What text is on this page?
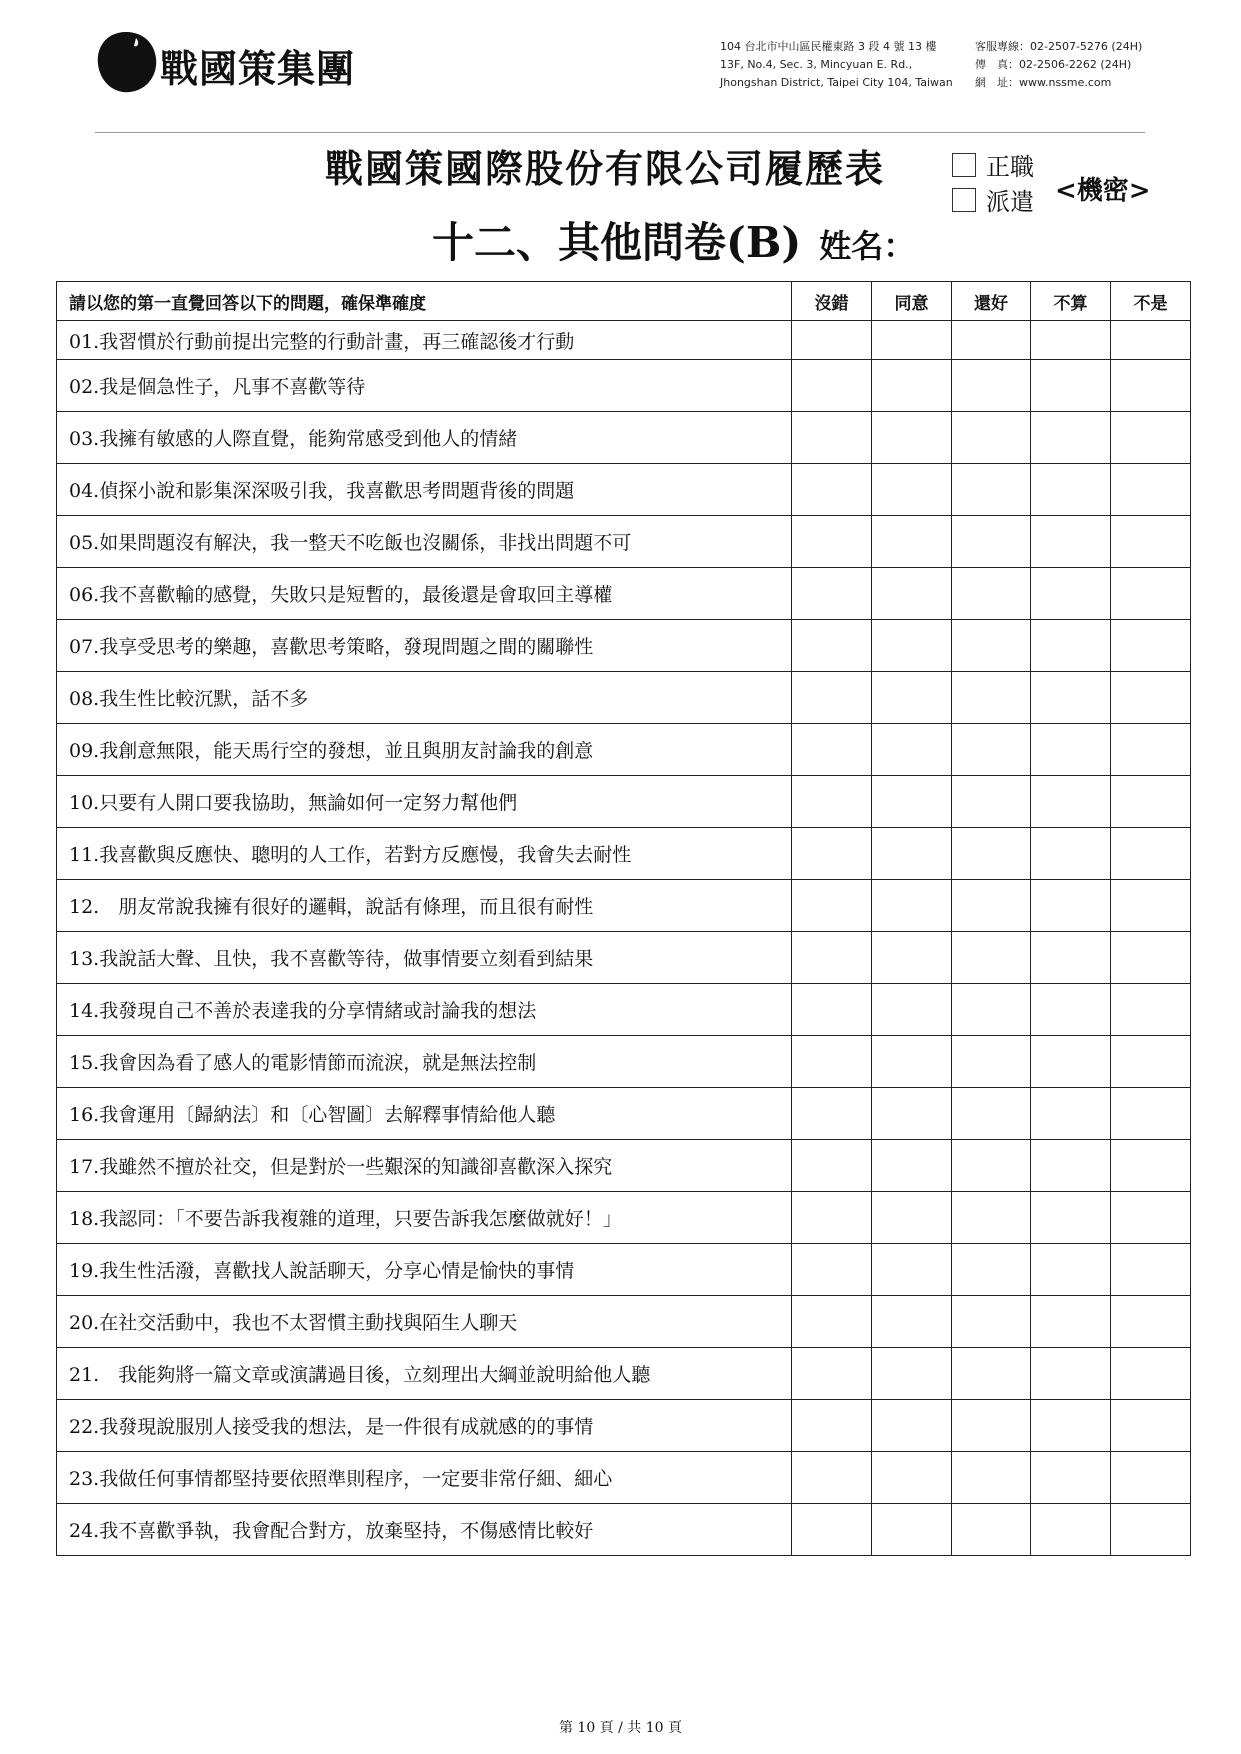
戰國策集團	104 台北市中山區民權東路 3 段 4 號 13 樓
13F, No.4, Sec. 3, Mincyuan E. Rd.,
Jhongshan District, Taipei City 104, Taiwan
客服專線：02-2507-5276 (24H)
傳　真：02-2506-2262 (24H)
網　址：www.nssme.com
戰國策國際股份有限公司履歷表	正職
派遣 <機密>
十二、其他問卷(B) 姓名：
請以您的第一直覺回答以下的問題，確保準確度	沒錯	同意	還好	不算	不是
01.我習慣於行動前提出完整的行動計畫，再三確認後才行動					
02.我是個急性子，凡事不喜歡等待					
03.我擁有敏感的人際直覺，能夠常感受到他人的情緒					
04.偵探小說和影集深深吸引我，我喜歡思考問題背後的問題					
05.如果問題沒有解決，我一整天不吃飯也沒關係，非找出問題不可					
06.我不喜歡輸的感覺，失敗只是短暫的，最後還是會取回主導權					
07.我享受思考的樂趣，喜歡思考策略，發現問題之間的關聯性					
08.我生性比較沉默，話不多					
09.我創意無限，能天馬行空的發想，並且與朋友討論我的創意					
10.只要有人開口要我協助，無論如何一定努力幫他們					
11.我喜歡與反應快、聰明的人工作，若對方反應慢，我會失去耐性					
12.　朋友常說我擁有很好的邏輯，說話有條理，而且很有耐性					
13.我說話大聲、且快，我不喜歡等待，做事情要立刻看到結果					
14.我發現自己不善於表達我的分享情緒或討論我的想法					
15.我會因為看了感人的電影情節而流淚，就是無法控制					
16.我會運用〔歸納法〕和〔心智圖〕去解釋事情給他人聽					
17.我雖然不擅於社交，但是對於一些艱深的知識卻喜歡深入探究					
18.我認同：「不要告訴我複雜的道理，只要告訴我怎麼做就好！」					
19.我生性活潑，喜歡找人說話聊天，分享心情是愉快的事情					
20.在社交活動中，我也不太習慣主動找與陌生人聊天					
21.　我能夠將一篇文章或演講過目後，立刻理出大綱並說明給他人聽					
22.我發現說服別人接受我的想法，是一件很有成就感的的事情					
23.我做任何事情都堅持要依照準則程序，一定要非常仔細、細心					
24.我不喜歡爭執，我會配合對方，放棄堅持，不傷感情比較好					
第 10 頁 / 共 10 頁
